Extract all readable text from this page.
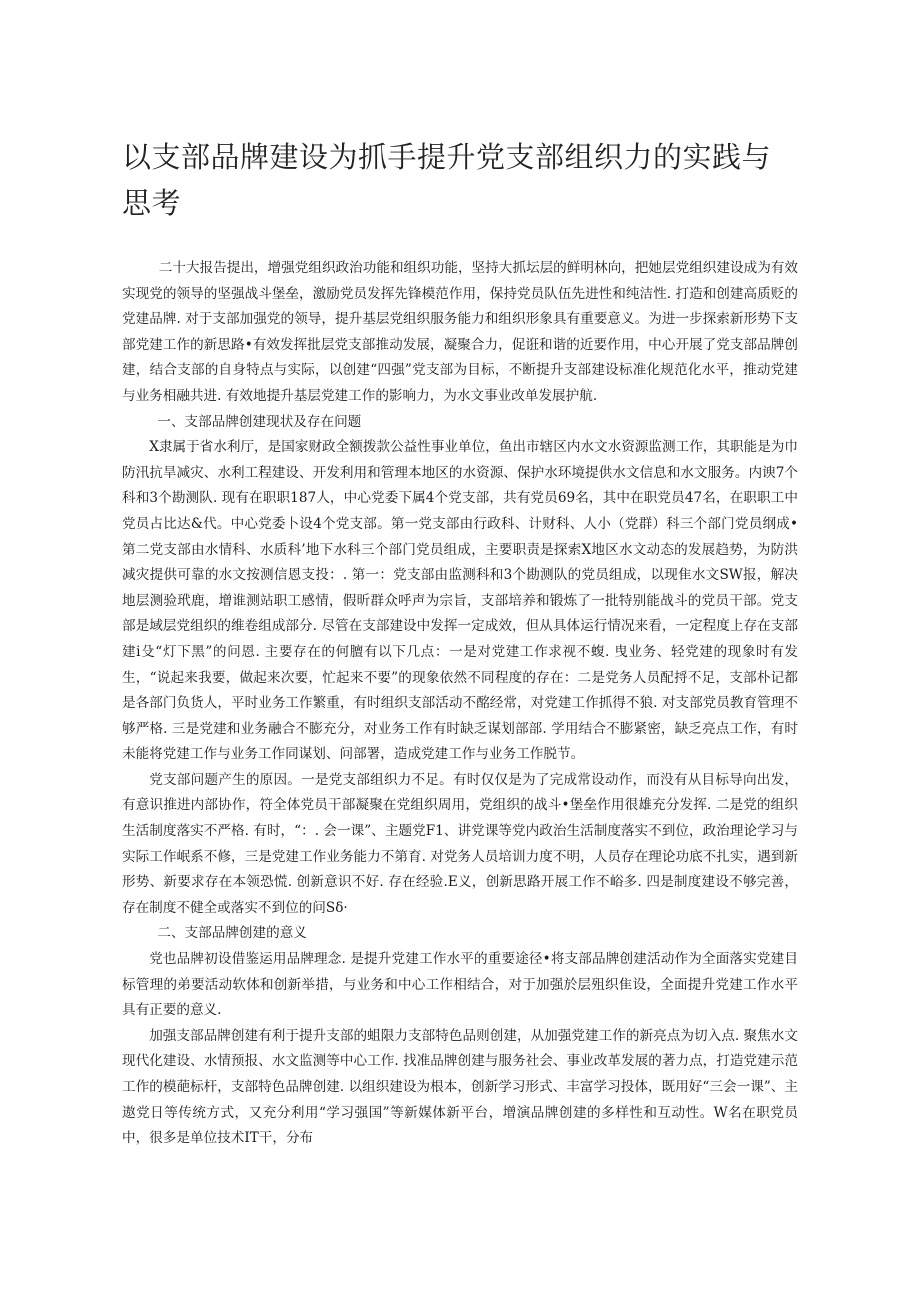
以支部品牌建设为抓手提升党支部组织力的实践与思考

二十大报告提出，增强党组织政治功能和组织功能，坚持大抓坛层的鲜明林向，把她层党组织建设成为有效实现党的领导的坚强战斗堡垒，激励党员发挥先锋模范作用，保持党员队伍先进性和纯洁性. 打造和创建高质贬的党建品牌. 对于支部加强党的领导，提升基层党组织服务能力和组织形象具有重要意义。为进一步探索新形势下支部党建工作的新思路•有效发挥批层党支部推动发展，凝聚合力，促诳和谐的近要作用，中心开展了党支部品牌创建，结合支部的自身特点与实际，以创建“四强”党支部为目标，不断提升支部建设标准化规范化水平，推动党建与业务相融共进. 有效地提升基层党建工作的影响力，为水文事业改单发展护航.

一、支部品牌创建现状及存在问题

X隶属于省水利厅，是国家财政全额拨款公益性事业单位，鱼出市辖区内水文水资源监测工作，其职能是为巾防汛抗旱减灾、水利工程建设、开发利用和管理本地区的水资源、保护水环境提供水文信息和水文服务。内谀7个科和3个勘测队. 现有在职职187人，中心党委下属4个党支部，共有党员69名，其中在职党员47名，在职职工中党员占比达&代。中心党委卜设4个党支部。第一党支部由行政科、计财科、人小（党群）科三个部门党员纲成•第二党支部由水情科、水质科’地下水科三个部门党员组成，主要职责是探索X地区水文动态的发展趋势，为防洪减灾提供可靠的水文按测信恩支投：. 第一：党支部由监测科和3个勘测队的党员组成，以现隹水文SW报，解决地层测验玳鹿，增谁测站职工感情，假昕群众呼声为宗旨，支部培养和锻炼了一批特别能战斗的党员干部。党支部是域层党组织的维卷组成部分. 尽管在支部建设中发挥一定成效，但从具体运行情况来看，一定程度上存在支部建i殳“灯下黑”的问恩. 主要存在的何膻有以下几点：一是对党建工作求视不蝮. 曳业务、轻党建的现象时有发生，“说起来我要，做起来次要，忙起来不要”的现象依然不同程度的存在：二是党务人员配捋不足，支部朴记都是各部门负货人，平时业务工作繁重，有时组织支部活动不酩经常，对党建工作抓得不狼. 对支部党员教育管理不够严格. 三是党建和业务融合不膨充分，对业务工作有时缺乏谋划部部. 学用结合不膨紧密，缺乏亮点工作，有时未能将党建工作与业务工作同谋划、问部署，造成党建工作与业务工作脱节。

党支部问题产生的原因。一是党支部组织力不足。有时仅仅是为了完成常设动作，而没有从目标导向出发，有意识推进内部协作，符全体党员干部凝聚在党组织周用，党组织的战斗•堡垒作用很雄充分发挥. 二是党的组织生活制度落实不严格. 有时，“：. 会一课”、主题党F1、讲党课等党内政治生活制度落实不到位，政治理论学习与实际工作岷系不修，三是党建工作业务能力不第育. 对党务人员培训力度不明，人员存在理论功底不扎实，遇到新形势、新要求存在本领恐慌. 创新意识不好. 存在经验.E义，创新思路开展工作不峪多. 四是制度建设不够完善，存在制度不健全或落实不到位的问Sδ·

二、支部品牌创建的意义

党也品牌初设借鉴运用品牌理念. 是提升党建工作水平的重要途径•将支部品牌创建活动作为全面落实党建目标管理的弟要活动软体和创新举措，与业务和中心工作相结合，对于加强於层殂织隹设，全面提升党建工作水平具有正要的意义.

加强支部品牌创建有利于提升支部的蛆限力支部特色品则创建，从加强党建工作的新亮点为切入点. 聚焦水文现代化建设、水情预报、水文监测等中心工作. 找准品牌创建与服务社会、事业改革发展的著力点，打造党建示范工作的模葩标杆，支部特色品牌创建. 以组织建设为根本，创新学习形式、丰富学习投体，既用好“三会一课”、主遨党日等传统方式，又充分利用“学习强国”等新媒体新平台，增演品牌创建的多样性和互动性。W名在职党员中，很多是单位技术IT干，分布
